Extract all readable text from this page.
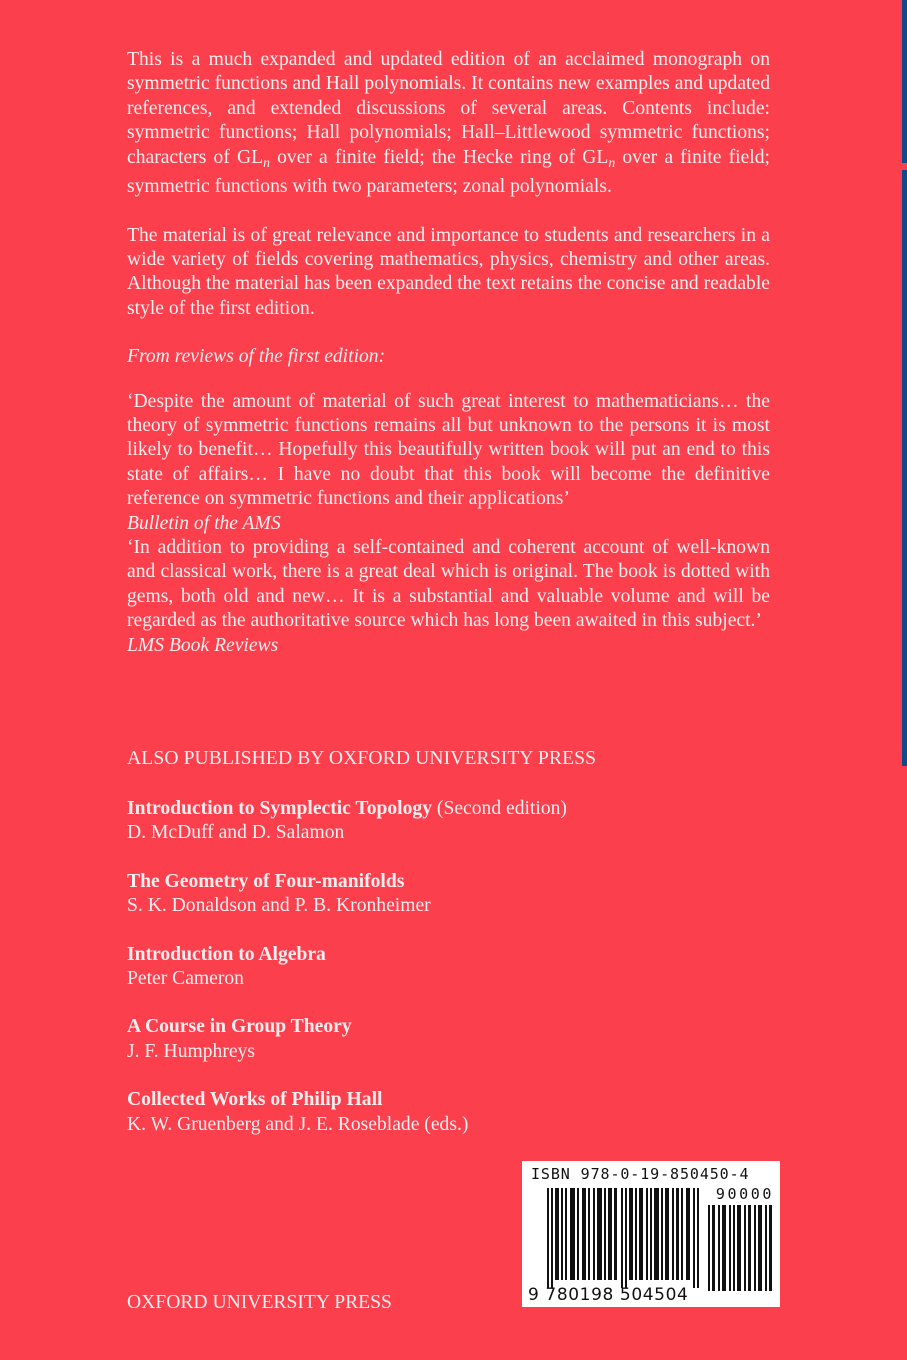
This is a much expanded and updated edition of an acclaimed monograph on symmetric functions and Hall polynomials. It contains new examples and updated references, and extended discussions of several areas. Contents include: symmetric functions; Hall polynomials; Hall–Littlewood symmetric functions; characters of $GL_n$ over a finite field; the Hecke ring of $GL_n$ over a finite field; symmetric functions with two parameters; zonal polynomials.

The material is of great relevance and importance to students and researchers in a wide variety of fields covering mathematics, physics, chemistry and other areas. Although the material has been expanded the text retains the concise and readable style of the first edition.

From reviews of the first edition:

‘Despite the amount of material of such great interest to mathematicians… the theory of symmetric functions remains all but unknown to the persons it is most likely to benefit… Hopefully this beautifully written book will put an end to this state of affairs… I have no doubt that this book will become the definitive reference on symmetric functions and their applications’

Bulletin of the AMS

‘In addition to providing a self-contained and coherent account of well-known and classical work, there is a great deal which is original. The book is dotted with gems, both old and new… It is a substantial and valuable volume and will be regarded as the authoritative source which has long been awaited in this subject.’

LMS Book Reviews

ALSO PUBLISHED BY OXFORD UNIVERSITY PRESS
Introduction to Symplectic Topology (Second edition)
D. McDuff and D. Salamon
The Geometry of Four-manifolds
S. K. Donaldson and P. B. Kronheimer
Introduction to Algebra
Peter Cameron
A Course in Group Theory
J. F. Humphreys
Collected Works of Philip Hall
K. W. Gruenberg and J. E. Roseblade (eds.)
ISBN 978-0-19-850450-4
90000
9 780198 504504
OXFORD UNIVERSITY PRESS
